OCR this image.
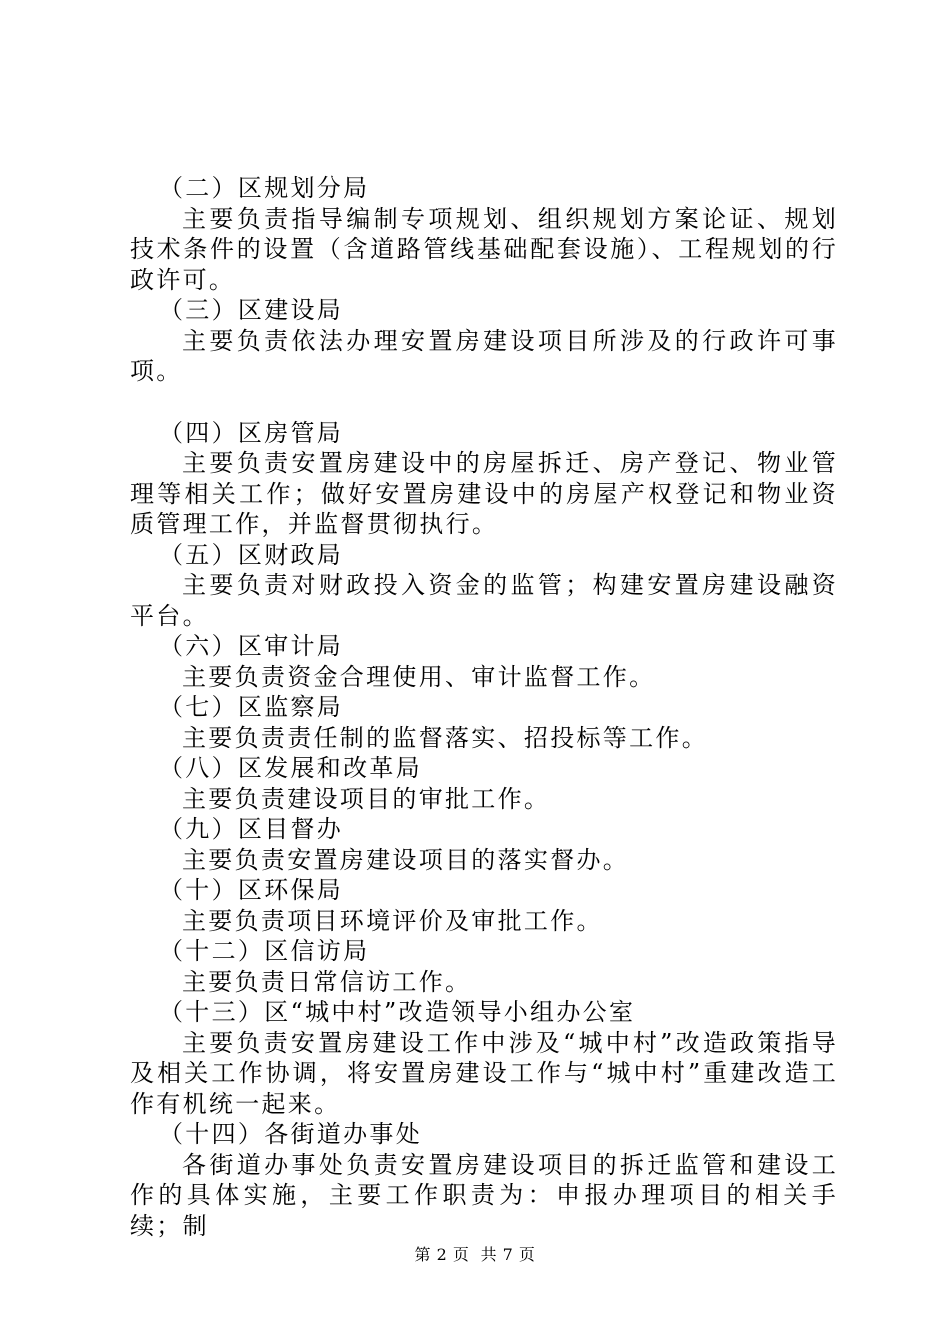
（二）区规划分局

主要负责指导编制专项规划、组织规划方案论证、规划技术条件的设置（含道路管线基础配套设施）、工程规划的行政许可。

（三）区建设局

主要负责依法办理安置房建设项目所涉及的行政许可事项。

（四）区房管局

主要负责安置房建设中的房屋拆迁、房产登记、物业管理等相关工作；做好安置房建设中的房屋产权登记和物业资质管理工作，并监督贯彻执行。

（五）区财政局

主要负责对财政投入资金的监管；构建安置房建设融资平台。

（六）区审计局

主要负责资金合理使用、审计监督工作。

（七）区监察局

主要负责责任制的监督落实、招投标等工作。

（八）区发展和改革局

主要负责建设项目的审批工作。

（九）区目督办

主要负责安置房建设项目的落实督办。

（十）区环保局

主要负责项目环境评价及审批工作。

（十二）区信访局

主要负责日常信访工作。

（十三）区“城中村”改造领导小组办公室

主要负责安置房建设工作中涉及“城中村”改造政策指导及相关工作协调，将安置房建设工作与“城中村”重建改造工作有机统一起来。

（十四）各街道办事处

各街道办事处负责安置房建设项目的拆迁监管和建设工作的具体实施，主要工作职责为：申报办理项目的相关手续；制

第 2 页  共 7 页
